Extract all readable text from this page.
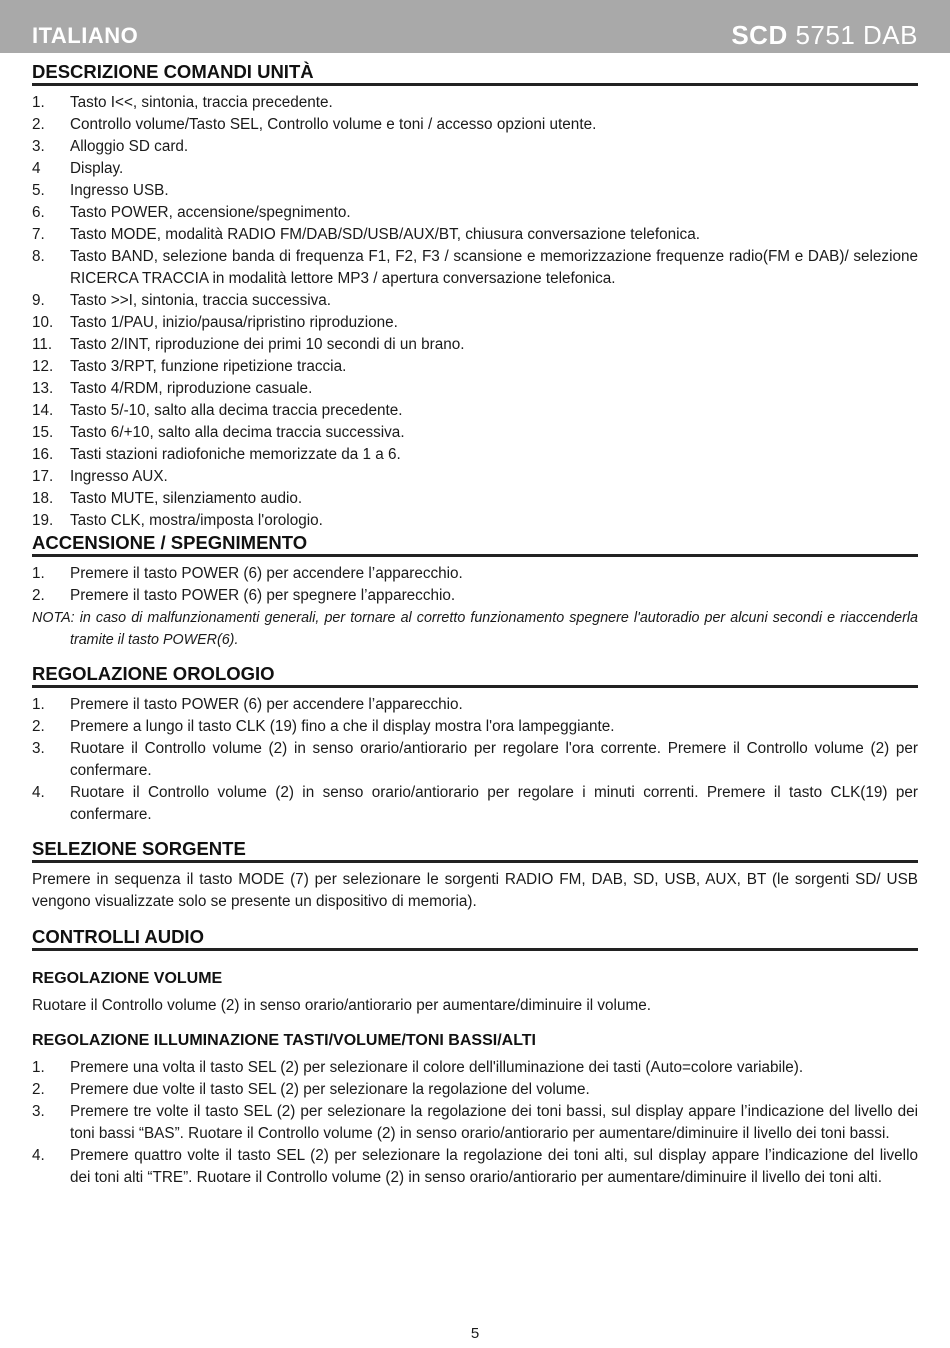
ITALIANO	SCD 5751 DAB
DESCRIZIONE COMANDI UNITÀ
1. Tasto I<<, sintonia, traccia precedente.
2. Controllo volume/Tasto SEL, Controllo volume e toni / accesso opzioni utente.
3. Alloggio SD card.
4 Display.
5. Ingresso USB.
6. Tasto POWER, accensione/spegnimento.
7. Tasto MODE, modalità RADIO FM/DAB/SD/USB/AUX/BT, chiusura conversazione telefonica.
8. Tasto BAND, selezione banda di frequenza F1, F2, F3 / scansione e memorizzazione frequenze radio(FM e DAB)/ selezione RICERCA TRACCIA in modalità lettore MP3 / apertura conversazione telefonica.
9. Tasto >>I, sintonia, traccia successiva.
10. Tasto 1/PAU, inizio/pausa/ripristino riproduzione.
11. Tasto 2/INT, riproduzione dei primi 10 secondi di un brano.
12. Tasto 3/RPT, funzione ripetizione traccia.
13. Tasto 4/RDM, riproduzione casuale.
14. Tasto 5/-10, salto alla decima traccia precedente.
15. Tasto 6/+10, salto alla decima traccia successiva.
16. Tasti stazioni radiofoniche memorizzate da 1 a 6.
17. Ingresso AUX.
18. Tasto MUTE, silenziamento audio.
19. Tasto CLK, mostra/imposta l'orologio.
ACCENSIONE / SPEGNIMENTO
1. Premere il tasto POWER (6) per accendere l’apparecchio.
2. Premere il tasto POWER (6) per spegnere l’apparecchio.

NOTA: in caso di malfunzionamenti generali, per tornare al corretto funzionamento spegnere l'autoradio per alcuni secondi e riaccenderla tramite il tasto POWER(6).

REGOLAZIONE OROLOGIO
1. Premere il tasto POWER (6) per accendere l’apparecchio.
2. Premere a lungo il tasto CLK (19) fino a che il display mostra l'ora lampeggiante.
3. Ruotare il Controllo volume (2) in senso orario/antiorario per regolare l'ora corrente. Premere il Controllo volume (2) per confermare.
4. Ruotare il Controllo volume (2) in senso orario/antiorario per regolare i minuti correnti. Premere il tasto CLK(19) per confermare.
SELEZIONE SORGENTE

Premere in sequenza il tasto MODE (7) per selezionare le sorgenti RADIO FM, DAB, SD, USB, AUX, BT (le sorgenti SD/ USB vengono visualizzate solo se presente un dispositivo di memoria).

CONTROLLI AUDIO
REGOLAZIONE VOLUME

Ruotare il Controllo volume (2) in senso orario/antiorario per aumentare/diminuire il volume.

REGOLAZIONE ILLUMINAZIONE TASTI/VOLUME/TONI BASSI/ALTI
1. Premere una volta il tasto SEL (2) per selezionare il colore dell'illuminazione dei tasti (Auto=colore variabile).
2. Premere due volte il tasto SEL (2) per selezionare la regolazione del volume.
3. Premere tre volte il tasto SEL (2) per selezionare la regolazione dei toni bassi, sul display appare l’indicazione del livello dei toni bassi “BAS”. Ruotare il Controllo volume (2) in senso orario/antiorario per aumentare/diminuire il livello dei toni bassi.
4. Premere quattro volte il tasto SEL (2) per selezionare la regolazione dei toni alti, sul display appare l’indicazione del livello dei toni alti “TRE”. Ruotare il Controllo volume (2) in senso orario/antiorario per aumentare/diminuire il livello dei toni alti.
5
